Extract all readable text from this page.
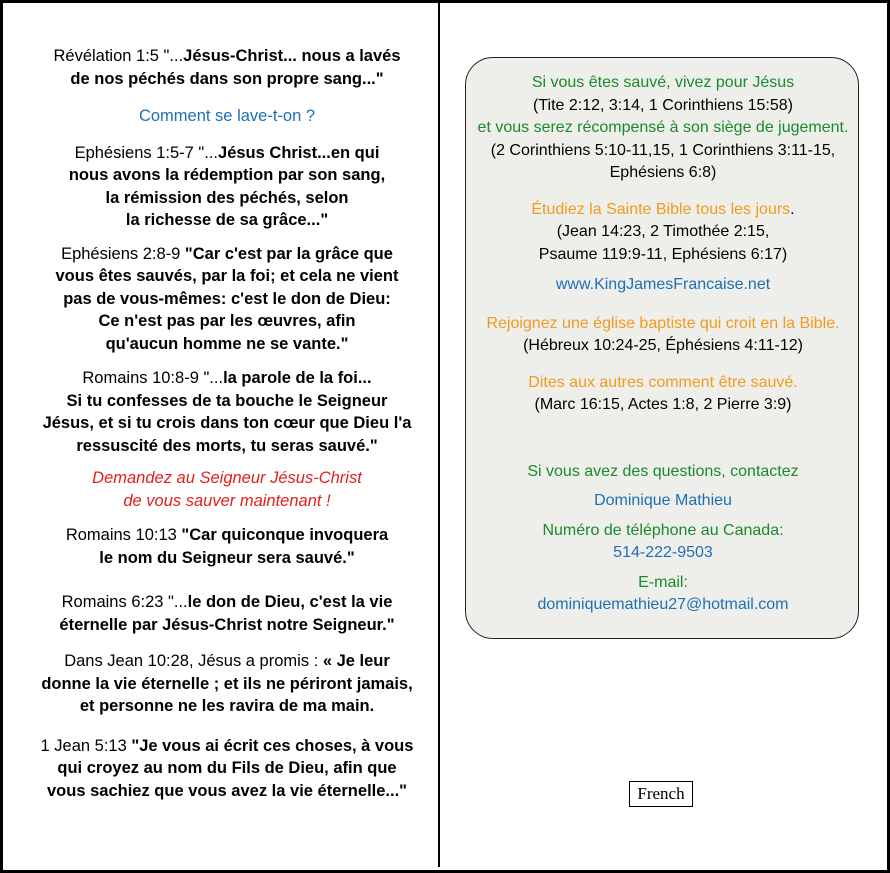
Révélation 1:5 "...Jésus-Christ... nous a lavés
de nos péchés dans son propre sang..."

Comment se lave-t-on ?

Ephésiens 1:5-7 "...Jésus Christ...en qui
nous avons la rédemption par son sang,
la rémission des péchés, selon
la richesse de sa grâce..."

Ephésiens 2:8-9 "Car c'est par la grâce que
vous êtes sauvés, par la foi; et cela ne vient
pas de vous-mêmes: c'est le don de Dieu:
Ce n'est pas par les œuvres, afin
qu'aucun homme ne se vante."

Romains 10:8-9 "...la parole de la foi...
Si tu confesses de ta bouche le Seigneur
Jésus, et si tu crois dans ton cœur que Dieu l'a
ressuscité des morts, tu seras sauvé."

Demandez au Seigneur Jésus-Christ
de vous sauver maintenant !

Romains 10:13 "Car quiconque invoquera
le nom du Seigneur sera sauvé."

Romains 6:23 "...le don de Dieu, c'est la vie
éternelle par Jésus-Christ notre Seigneur."

Dans Jean 10:28, Jésus a promis : « Je leur
donne la vie éternelle ; et ils ne périront jamais,
et personne ne les ravira de ma main.

1 Jean 5:13 "Je vous ai écrit ces choses, à vous
qui croyez au nom du Fils de Dieu, afin que
vous sachiez que vous avez la vie éternelle..."

Si vous êtes sauvé, vivez pour Jésus

(Tite 2:12, 3:14, 1 Corinthiens 15:58)

et vous serez récompensé à son siège de jugement.

(2 Corinthiens 5:10-11,15, 1 Corinthiens 3:11-15,
Ephésiens 6:8)

Étudiez la Sainte Bible tous les jours.

(Jean 14:23, 2 Timothée 2:15,
Psaume 119:9-11, Ephésiens 6:17)

www.KingJamesFrancaise.net

Rejoignez une église baptiste qui croit en la Bible.

(Hébreux 10:24-25, Éphésiens 4:11-12)

Dites aux autres comment être sauvé.

(Marc 16:15, Actes 1:8, 2 Pierre 3:9)

Si vous avez des questions, contactez

Dominique Mathieu

Numéro de téléphone au Canada:

514-222-9503

E-mail:

dominiquemathieu27@hotmail.com

French
